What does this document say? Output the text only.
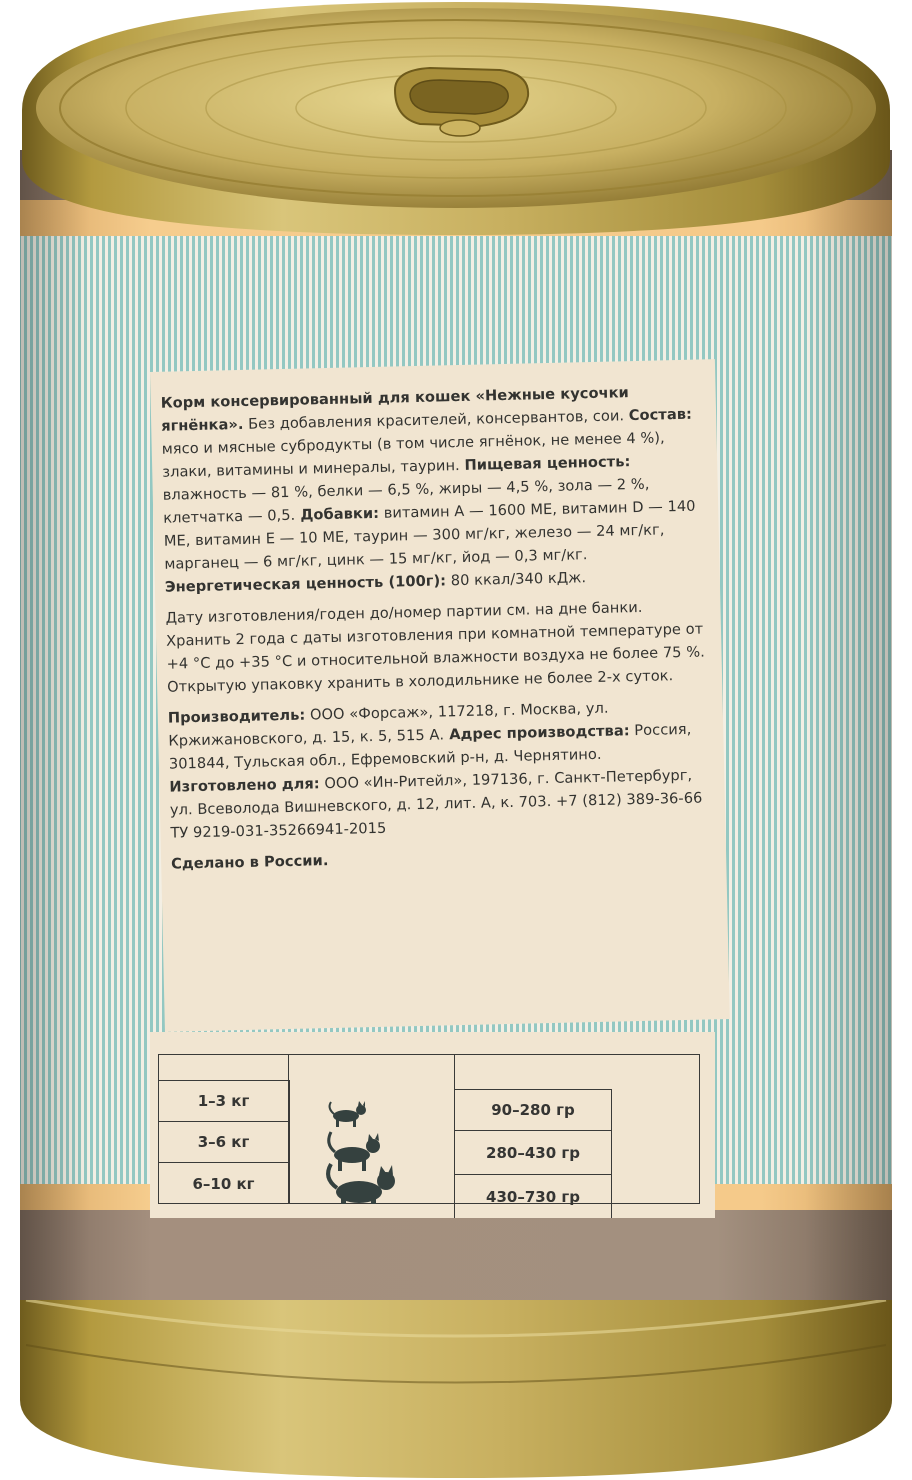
Корм консервированный для кошек «Нежные кусочки ягнёнка». Без добавления красителей, консервантов, сои. Состав: мясо и мясные субродукты (в том числе ягнёнок, не менее 4 %), злаки, витамины и минералы, таурин. Пищевая ценность: влажность — 81 %, белки — 6,5 %, жиры — 4,5 %, зола — 2 %, клетчатка — 0,5. Добавки: витамин А — 1600 МЕ, витамин D — 140 МЕ, витамин Е — 10 МЕ, таурин — 300 мг/кг, железо — 24 мг/кг, марганец — 6 мг/кг, цинк — 15 мг/кг, йод — 0,3 мг/кг. Энергетическая ценность (100г): 80 ккал/340 кДж.

Дату изготовления/годен до/номер партии см. на дне банки. Хранить 2 года с даты изготовления при комнатной температуре от +4 °С до +35 °С и относительной влажности воздуха не более 75 %. Открытую упаковку хранить в холодильнике не более 2-х суток.

Производитель: ООО «Форсаж», 117218, г. Москва, ул. Кржижановского, д. 15, к. 5, 515 А. Адрес производства: Россия, 301844, Тульская обл., Ефремовский р-н, д. Чернятино. Изготовлено для: ООО «Ин-Ритейл», 197136, г. Санкт-Петербург, ул. Всеволода Вишневского, д. 12, лит. А, к. 703. +7 (812) 389-36-66
ТУ 9219-031-35266941-2015

Сделано в России.

1–3 кг
3–6 кг
6–10 кг
90–280 гр
280–430 гр
430–730 гр
